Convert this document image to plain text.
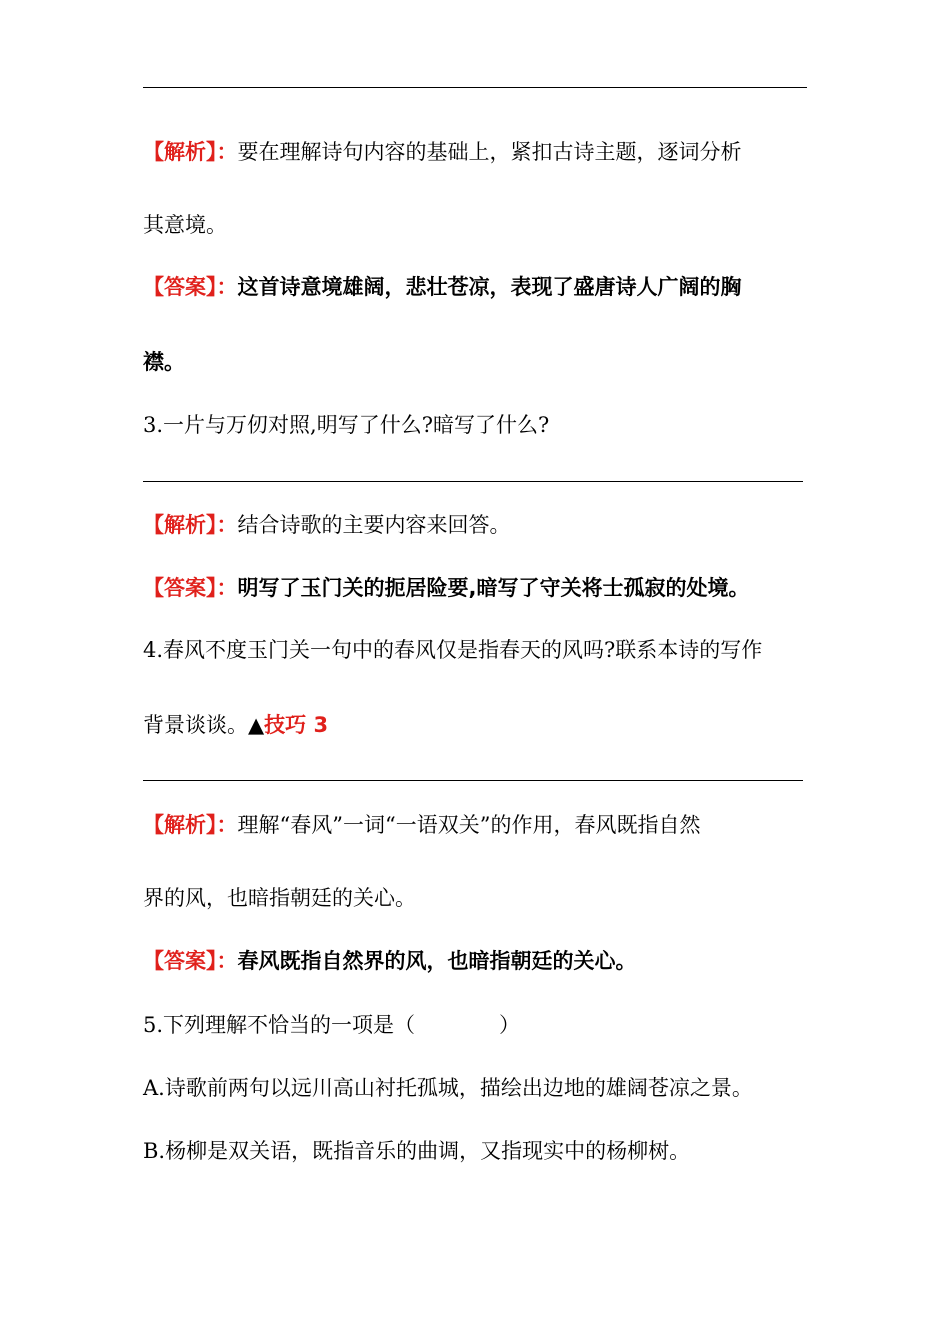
【解析】：要在理解诗句内容的基础上，紧扣古诗主题，逐词分析
其意境。
【答案】：这首诗意境雄阔，悲壮苍凉，表现了盛唐诗人广阔的胸
襟。
3.一片与万仞对照,明写了什么?暗写了什么?
【解析】：结合诗歌的主要内容来回答。
【答案】：明写了玉门关的扼居险要,暗写了守关将士孤寂的处境。
4.春风不度玉门关一句中的春风仅是指春天的风吗?联系本诗的写作
背景谈谈。▲技巧 3
【解析】：理解“春风”一词“一语双关”的作用，春风既指自然
界的风，也暗指朝廷的关心。
【答案】：春风既指自然界的风，也暗指朝廷的关心。
5.下列理解不恰当的一项是（　　　　）
A.诗歌前两句以远川高山衬托孤城，描绘出边地的雄阔苍凉之景。
B.杨柳是双关语，既指音乐的曲调，又指现实中的杨柳树。
